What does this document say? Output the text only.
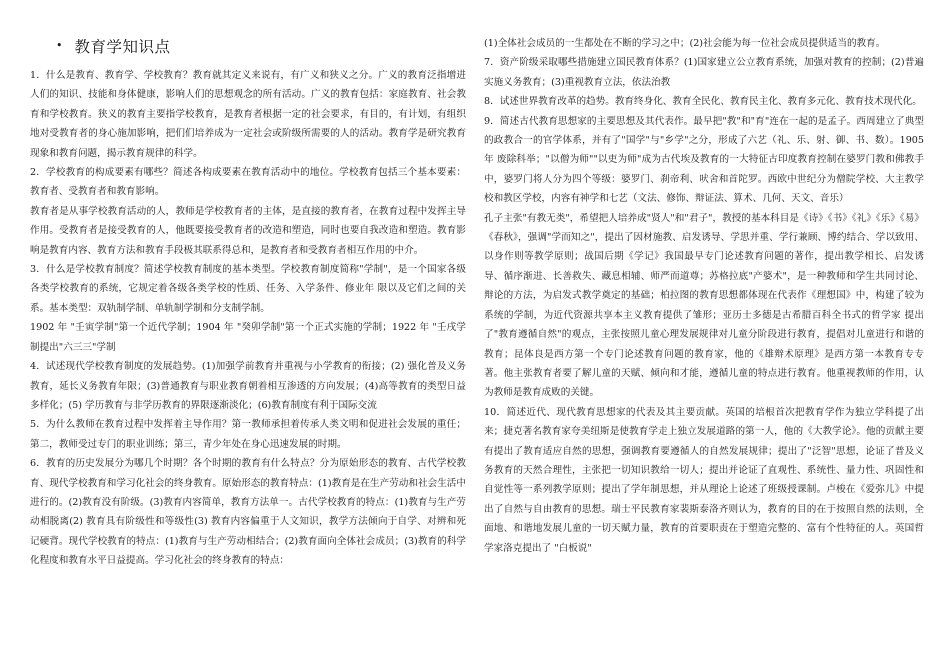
• 教育学知识点

1．什么是教育、教育学、学校教育？教育就其定义来说有，有广义和狭义之分。广义的教育泛指增进人们的知识、技能和身体健康，影响人们的思想观念的所有活动。广义的教育包括：家庭教育、社会教育和学校教育。狭义的教育主要指学校教育，是教育者根据一定的社会要求，有目的，有计划，有组织地对受教育者的身心施加影响，把们们培养成为一定社会或阶级所需要的人的活动。教育学是研究教育现象和教育问题，揭示教育规律的科学。

2．学校教育的构成要素有哪些？简述各构成要素在教育活动中的地位。学校教育包括三个基本要素：教育者、受教育者和教育影响。

教育者是从事学校教育活动的人，教师是学校教育者的主体，是直接的教育者，在教育过程中发挥主导作用。受教育者是接受教育的人，他既要接受教育者的改造和塑造，同时也要自我改造和塑造。教育影响是教育内容、教育方法和教育手段极其联系得总和，是教育者和受教育者相互作用的中介。

3．什么是学校教育制度？简述学校教育制度的基本类型。学校教育制度简称"学制"，是一个国家各级各类学校教育的系统，它规定着各级各类学校的性质、任务、入学条件、修业年 限以及它们之间的关系。基本类型：双轨制学制、单轨制学制和分支制学制。

1902 年 "壬寅学制"第一个近代学制；1904 年 "癸卯学制"第一个正式实施的学制；1922 年 "壬戌学制提出"六三三"学制

4．试述现代学校教育制度的发展趋势。(1)加强学前教育并重视与小学教育的衔接；(2) 强化普及义务教育，延长义务教育年限；(3)普通教育与职业教育朝着相互渗透的方向发展；(4)高等教育的类型日益多样化；(5) 学历教育与非学历教育的界限逐渐淡化；(6)教育制度有利于国际交流

5．为什么教师在教育过程中发挥着主导作用？第一教师承担着传承人类文明和促进社会发展的重任；第二，教师受过专门的职业训练；第三，青少年处在身心迅速发展的时期。

6．教育的历史发展分为哪几个时期？各个时期的教育有什么特点？分为原始形态的教育、古代学校教育、现代学校教育和学习化社会的终身教育。原始形态的教育特点：(1)教育是在生产劳动和社会生活中进行的。(2)教育没有阶级。(3)教育内容简单，教育方法单一。古代学校教育的特点：(1)教育与生产劳动相脱离(2) 教育具有阶级性和等级性(3) 教育内容偏重于人文知识，教学方法倾向于自学、对辨和死记硬背。现代学校教育的特点：(1)教育与生产劳动相结合；(2)教育面向全体社会成员；(3)教育的科学化程度和教育水平日益提高。学习化社会的终身教育的特点：

(1)全体社会成员的一生都处在不断的学习之中；(2)社会能为每一位社会成员提供适当的教育。

7．资产阶级采取哪些措施建立国民教育体系？(1)国家建立公立教育系统，加强对教育的控制；(2)普遍实施义务教育；(3)重视教育立法，依法治教

8．试述世界教育改革的趋势。教育终身化、教育全民化、教育民主化、教育多元化、教育技术现代化。

9．简述古代教育思想家的主要思想及其代表作。最早把"教"和"育"连在一起的是孟子。西周建立了典型的政教合一的官学体系，并有了"国学"与"乡学"之分，形成了六艺（礼、乐、射、御、书、数）。1905 年 废除科举；"以僧为师""以吏为师"成为古代埃及教育的一大特征古印度教育控制在婆罗门教和佛教手中，婆罗门将人分为四个等级：婆罗门、刹帝利、吠舍和首陀罗。西欧中世纪分为僧院学校、大主教学校和教区学校，内容有神学和七艺（文法、修饰、辩证法、算术、几何、天文、音乐）

孔子主张"有教无类"，希望把人培养成"贤人"和"君子"，教授的基本科目是《诗》《书》《礼》《乐》《易》《春秋》，强调"学而知之"，提出了因材施教、启发诱导、学思并重、学行兼顾、博约结合、学以致用、以身作则等教学原则；战国后期《学记》我国最早专门论述教育问题的著作，提出教学相长、启发诱导、循序渐进、长善救失、藏息相辅、师严而道尊；苏格拉底"产婆术"，是一种教师和学生共同讨论、辩论的方法，为启发式教学奠定的基础；柏拉图的教育思想都体现在代表作《理想国》中，构建了较为系统的学制，为近代资源共享本主义教育提供了雏形；亚历士多德是古希腊百科全书式的哲学家 提出了"教育遵循自然"的观点，主张按照儿童心理发展规律对儿童分阶段进行教育，提倡对儿童进行和谐的教育；昆体良是西方第一个专门论述教育问题的教育家，他的《雄辩术原理》是西方第一本教育专专著。他主张教育者要了解儿童的天赋、倾向和才能，遵循儿童的特点进行教育。他重视教师的作用，认为教师是教育成败的关键。

10．简述近代、现代教育思想家的代表及其主要贡献。英国的培根首次把教育学作为独立学科提了出来；捷克著名教育家夸美纽斯是使教育学走上独立发展道路的第一人，他的《大教学论》。他的贡献主要有提出了教育适应自然的思想，强调教育要遵循人的自然发展规律；提出了"泛智"思想，论证了普及义务教育的天然合理性，主张把一切知识教给一切人；提出并论证了直观性、系统性、量力性、巩固性和自觉性等一系列教学原则；提出了学年制思想，并从理论上论述了班级授课制。卢梭在《爱弥儿》中提出了自然与自由教育的思想。瑞士平民教育家裴斯泰洛齐则认为，教育的目的在于按照自然的法则，全面地、和谐地发展儿童的一切天赋力量，教育的首要职责在于塑造完整的、富有个性特征的人。英国哲学家洛克提出了 "白板说"
